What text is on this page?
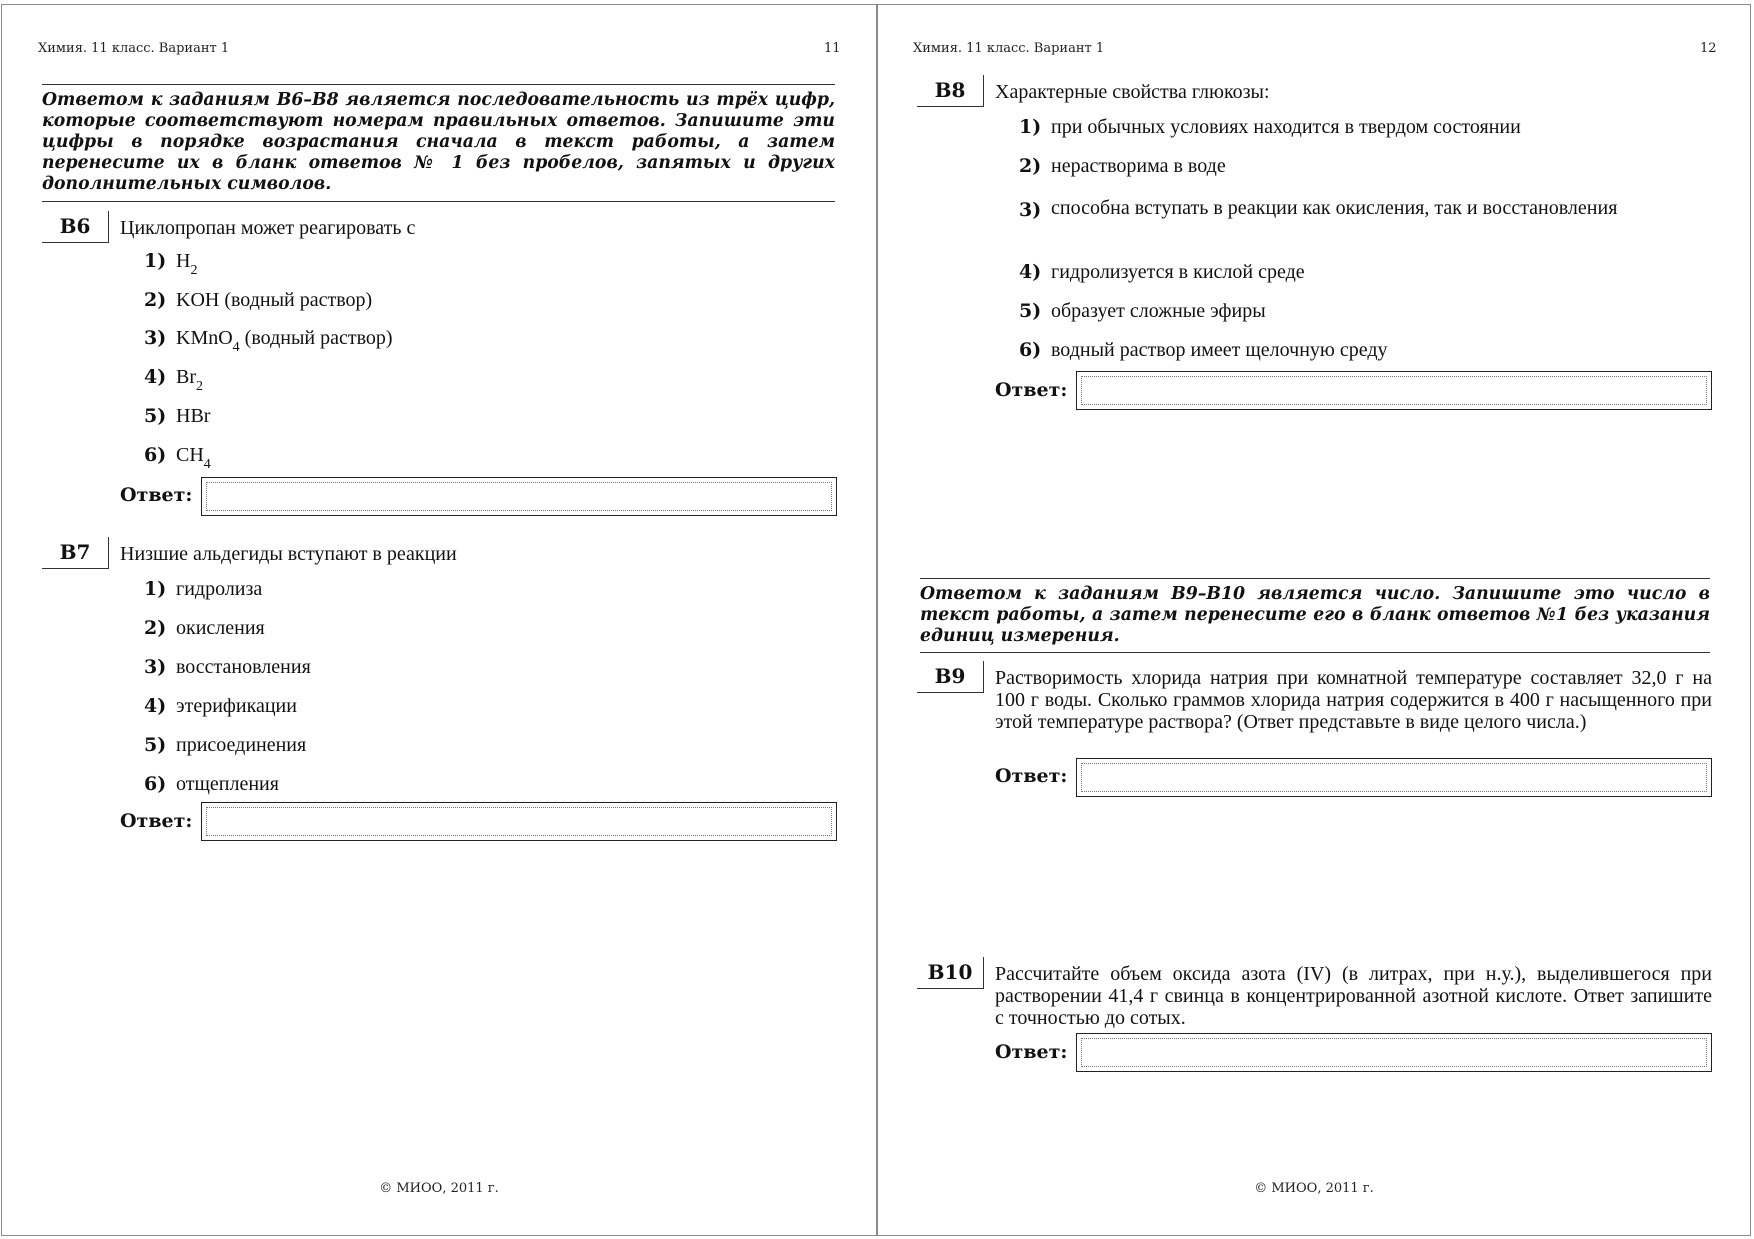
Химия. 11 класс. Вариант 1	11
Ответом к заданиям В6–В8 является последовательность из трёх цифр, которые соответствуют номерам правильных ответов. Запишите эти цифры в порядке возрастания сначала в текст работы, а затем перенесите их в бланк ответов № 1 без пробелов, запятых и других дополнительных символов.
B6	Циклопропан может реагировать с
1) $H_2$
2) KOH (водный раствор)
3) KMnO$_4$ (водный раствор)
4) $Br_2$
5) HBr
6) $CH_4$
Ответ:
B7	Низшие альдегиды вступают в реакции
1) гидролиза
2) окисления
3) восстановления
4) этерификации
5) присоединения
6) отщепления
Ответ:
© МИОО, 2011 г.
Химия. 11 класс. Вариант 1	12
B8	Характерные свойства глюкозы:
1) при обычных условиях находится в твердом состоянии
2) нерастворима в воде
3) способна вступать в реакции как окисления, так и восстановления
4) гидролизуется в кислой среде
5) образует сложные эфиры
6) водный раствор имеет щелочную среду
Ответ:
Ответом к заданиям В9–В10 является число. Запишите это число в текст работы, а затем перенесите его в бланк ответов №1 без указания единиц измерения.
B9	Растворимость хлорида натрия при комнатной температуре составляет 32,0 г на 100 г воды. Сколько граммов хлорида натрия содержится в 400 г насыщенного при этой температуре раствора? (Ответ представьте в виде целого числа.)
Ответ:
B10	Рассчитайте объем оксида азота (IV) (в литрах, при н.у.), выделившегося при растворении 41,4 г свинца в концентрированной азотной кислоте. Ответ запишите с точностью до сотых.
Ответ:
© МИОО, 2011 г.
